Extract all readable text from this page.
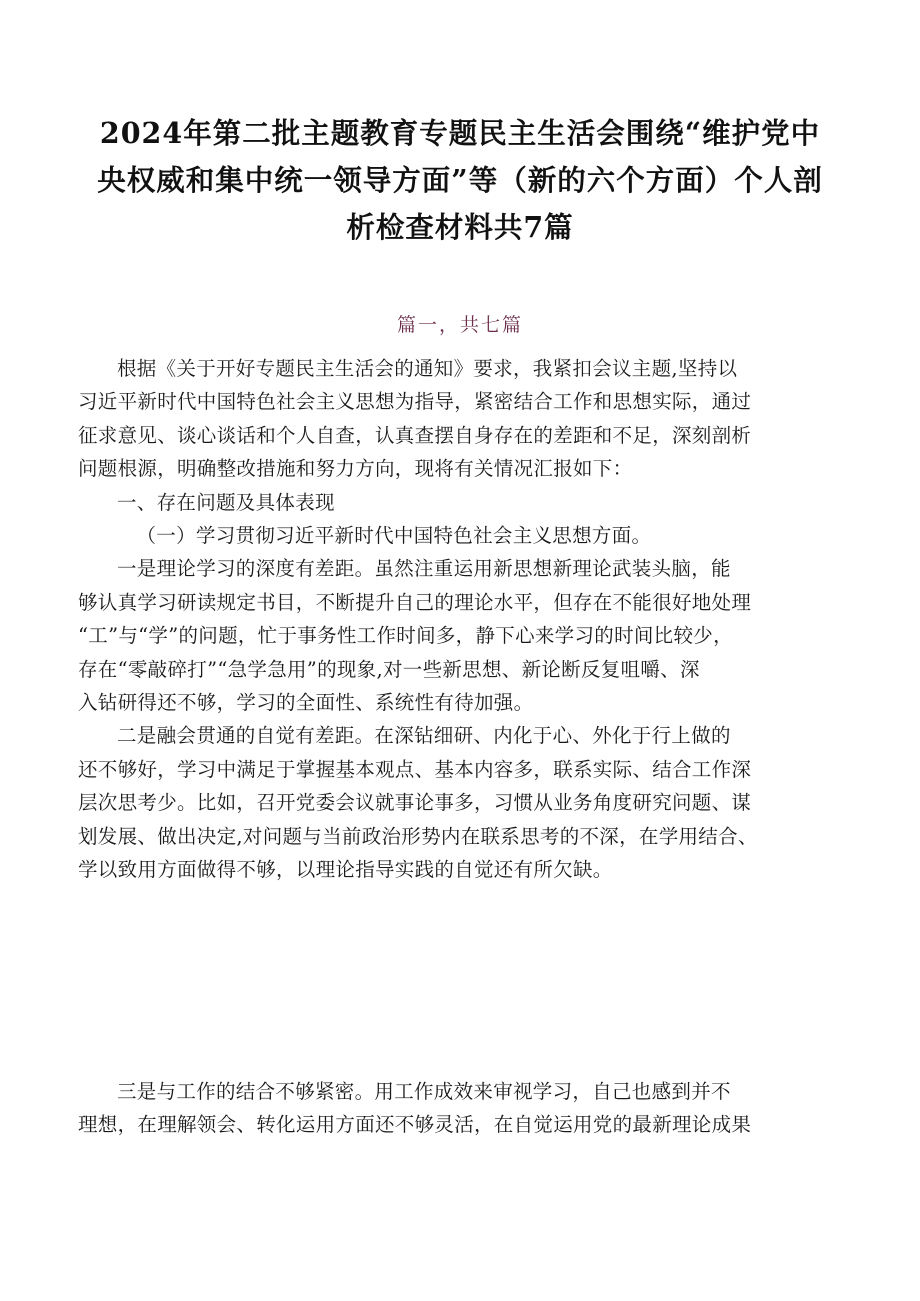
2024年第二批主题教育专题民主生活会围绕“维护党中
央权威和集中统一领导方面”等（新的六个方面）个人剖
析检查材料共7篇
篇一，共七篇

根据《关于开好专题民主生活会的通知》要求，我紧扣会议主题,坚持以
习近平新时代中国特色社会主义思想为指导，紧密结合工作和思想实际，通过
征求意见、谈心谈话和个人自查，认真查摆自身存在的差距和不足，深刻剖析
问题根源，明确整改措施和努力方向，现将有关情况汇报如下：

一、存在问题及具体表现

（一）学习贯彻习近平新时代中国特色社会主义思想方面。

一是理论学习的深度有差距。虽然注重运用新思想新理论武装头脑，能
够认真学习研读规定书目，不断提升自己的理论水平，但存在不能很好地处理
“工”与“学”的问题，忙于事务性工作时间多，静下心来学习的时间比较少，
存在“零敲碎打”“急学急用”的现象,对一些新思想、新论断反复咀嚼、深
入钻研得还不够，学习的全面性、系统性有待加强。

二是融会贯通的自觉有差距。在深钻细研、内化于心、外化于行上做的
还不够好，学习中满足于掌握基本观点、基本内容多，联系实际、结合工作深
层次思考少。比如，召开党委会议就事论事多，习惯从业务角度研究问题、谋
划发展、做出决定,对问题与当前政治形势内在联系思考的不深，在学用结合、
学以致用方面做得不够，以理论指导实践的自觉还有所欠缺。

三是与工作的结合不够紧密。用工作成效来审视学习，自己也感到并不
理想，在理解领会、转化运用方面还不够灵活，在自觉运用党的最新理论成果
